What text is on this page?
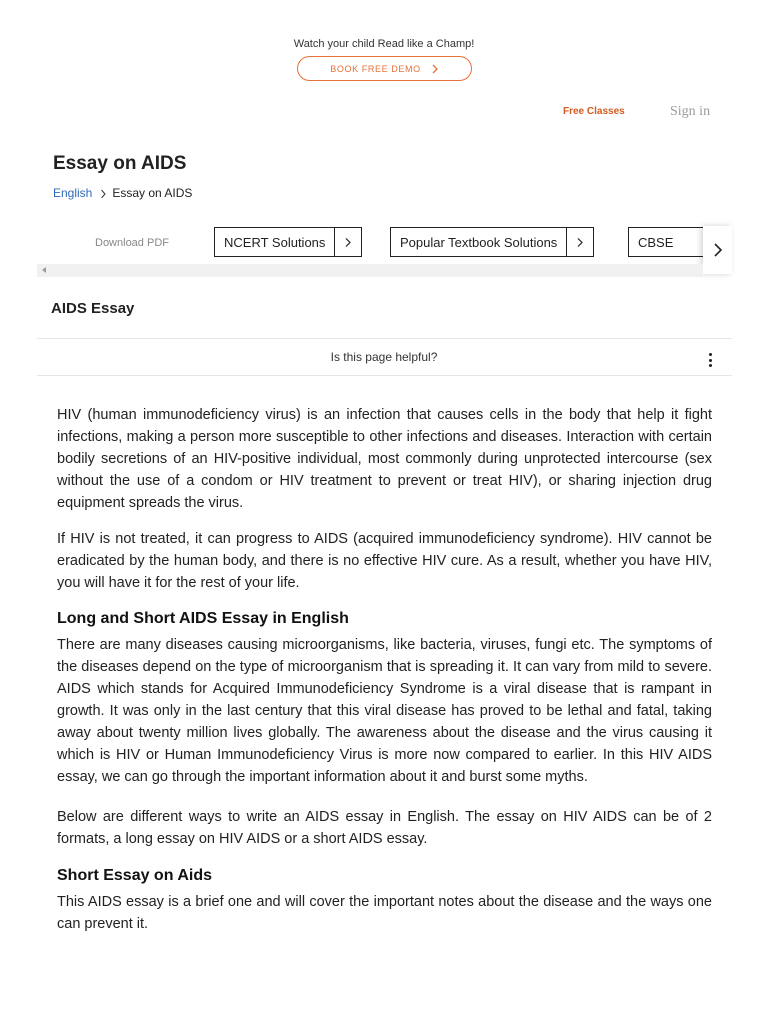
Watch your child Read like a Champ!
BOOK FREE DEMO
Free Classes	Sign in
Essay on AIDS
English Essay on AIDS
Download PDF	NCERT Solutions	Popular Textbook Solutions	CBSE
AIDS Essay
Is this page helpful?

HIV (human immunodeficiency virus) is an infection that causes cells in the body that help it fight infections, making a person more susceptible to other infections and diseases. Interaction with certain bodily secretions of an HIV-positive individual, most commonly during unprotected intercourse (sex without the use of a condom or HIV treatment to prevent or treat HIV), or sharing injection drug equipment spreads the virus.

If HIV is not treated, it can progress to AIDS (acquired immunodeficiency syndrome). HIV cannot be eradicated by the human body, and there is no effective HIV cure. As a result, whether you have HIV, you will have it for the rest of your life.

Long and Short AIDS Essay in English

There are many diseases causing microorganisms, like bacteria, viruses, fungi etc. The symptoms of the diseases depend on the type of microorganism that is spreading it. It can vary from mild to severe. AIDS which stands for Acquired Immunodeficiency Syndrome is a viral disease that is rampant in growth. It was only in the last century that this viral disease has proved to be lethal and fatal, taking away about twenty million lives globally. The awareness about the disease and the virus causing it which is HIV or Human Immunodeficiency Virus is more now compared to earlier. In this HIV AIDS essay, we can go through the important information about it and burst some myths.

Below are different ways to write an AIDS essay in English. The essay on HIV AIDS can be of 2 formats, a long essay on HIV AIDS or a short AIDS essay.

Short Essay on Aids

This AIDS essay is a brief one and will cover the important notes about the disease and the ways one can prevent it.
